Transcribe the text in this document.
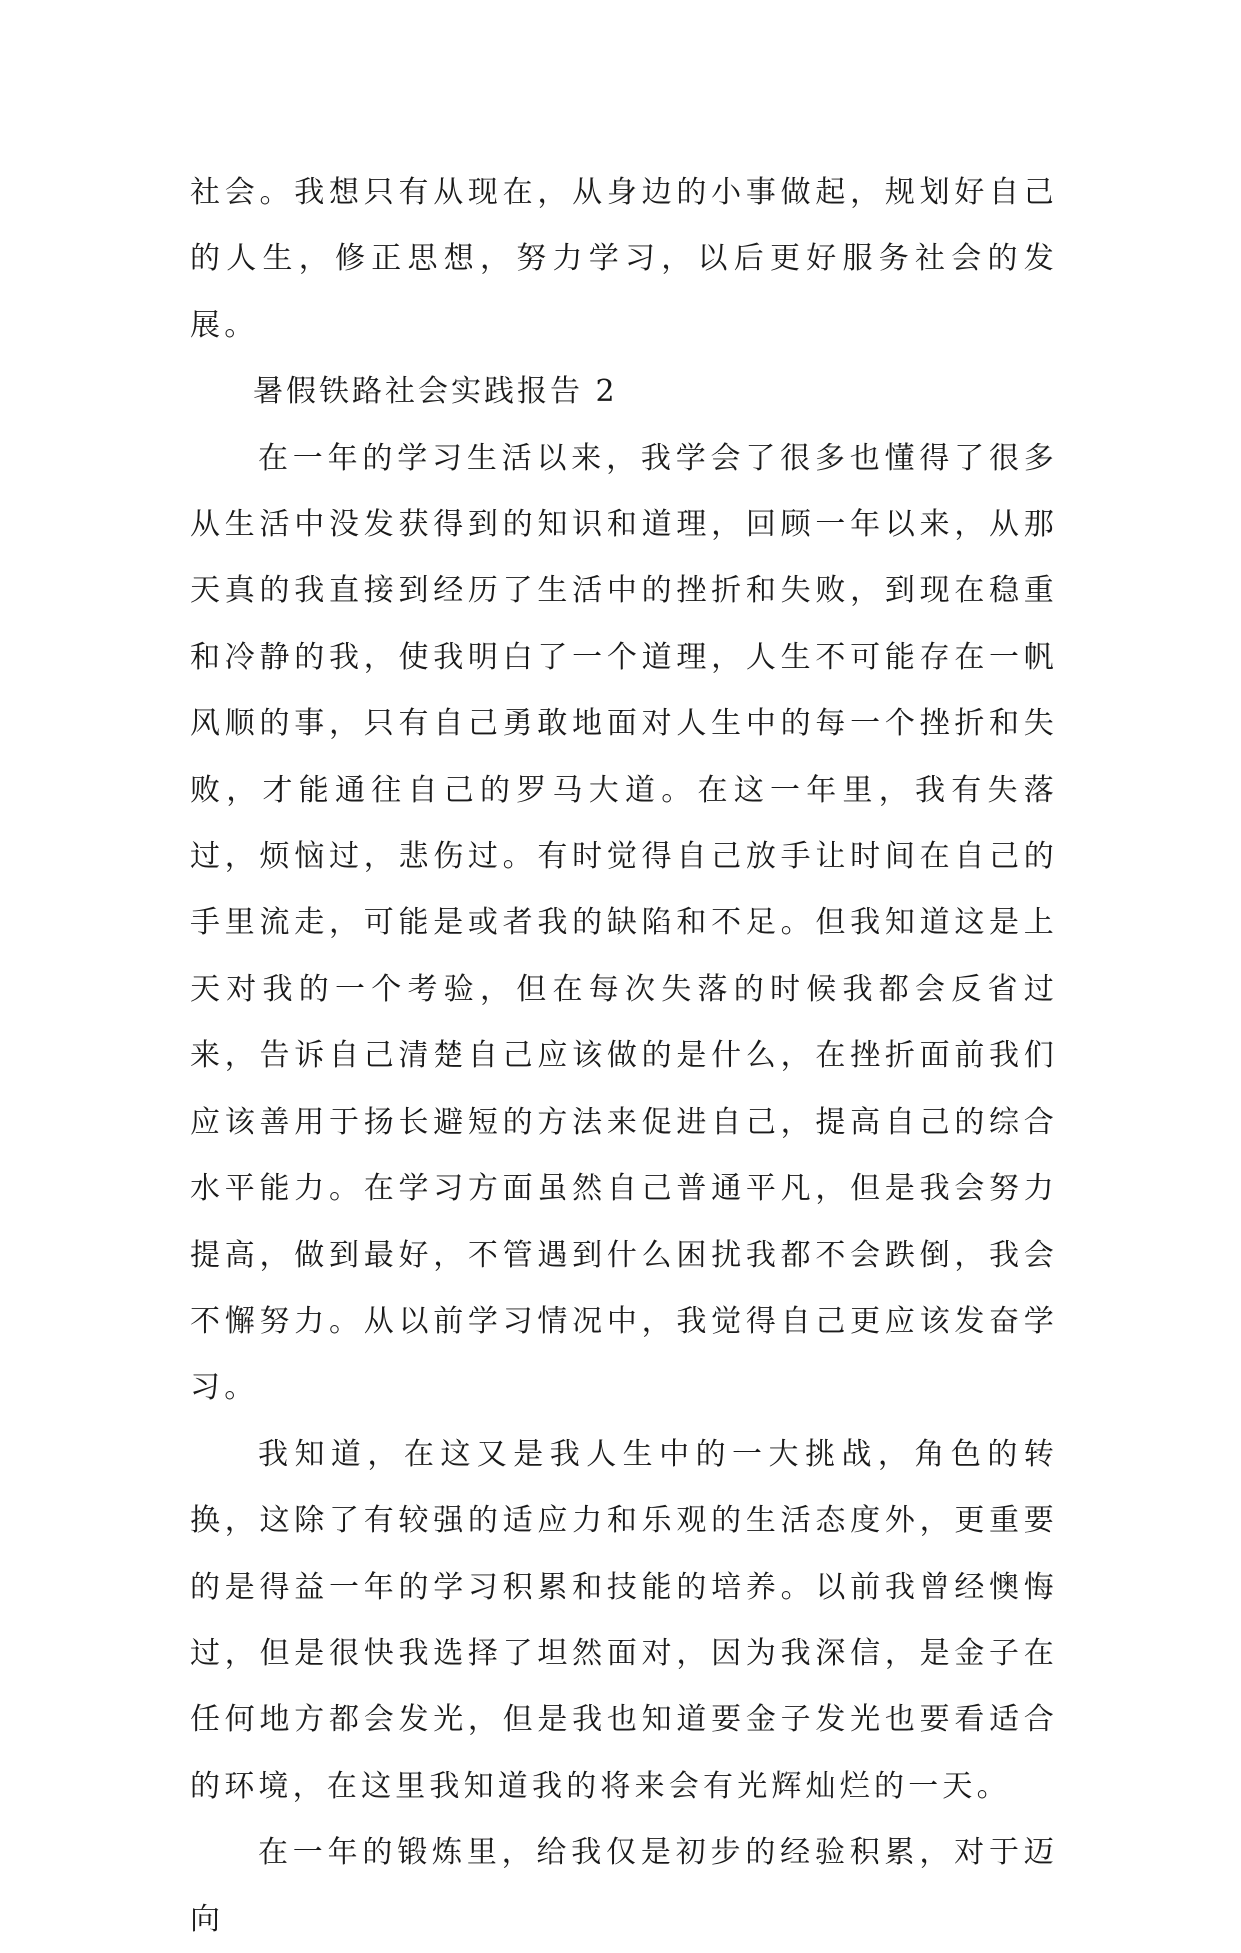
社会。我想只有从现在，从身边的小事做起，规划好自己的人生，修正思想，努力学习，以后更好服务社会的发展。

暑假铁路社会实践报告 2

在一年的学习生活以来，我学会了很多也懂得了很多从生活中没发获得到的知识和道理，回顾一年以来，从那天真的我直接到经历了生活中的挫折和失败，到现在稳重和冷静的我，使我明白了一个道理，人生不可能存在一帆风顺的事，只有自己勇敢地面对人生中的每一个挫折和失败，才能通往自己的罗马大道。在这一年里，我有失落过，烦恼过，悲伤过。有时觉得自己放手让时间在自己的手里流走，可能是或者我的缺陷和不足。但我知道这是上天对我的一个考验，但在每次失落的时候我都会反省过来，告诉自己清楚自己应该做的是什么，在挫折面前我们应该善用于扬长避短的方法来促进自己，提高自己的综合水平能力。在学习方面虽然自己普通平凡，但是我会努力提高，做到最好，不管遇到什么困扰我都不会跌倒，我会不懈努力。从以前学习情况中，我觉得自己更应该发奋学习。

我知道，在这又是我人生中的一大挑战，角色的转换，这除了有较强的适应力和乐观的生活态度外，更重要的是得益一年的学习积累和技能的培养。以前我曾经懊悔过，但是很快我选择了坦然面对，因为我深信，是金子在任何地方都会发光，但是我也知道要金子发光也要看适合的环境，在这里我知道我的将来会有光辉灿烂的一天。

在一年的锻炼里，给我仅是初步的经验积累，对于迈向
